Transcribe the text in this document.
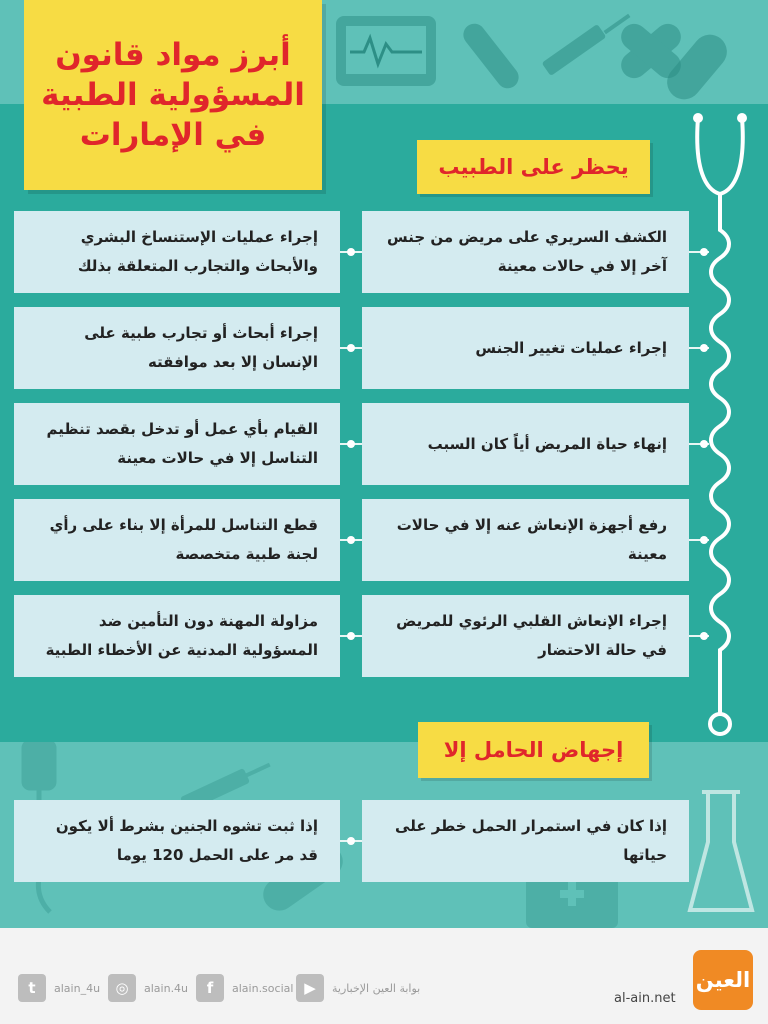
أبرز مواد قانون
المسؤولية الطبية
في الإمارات
يحظر على الطبيب
الكشف السريري على مريض من جنس آخر إلا في حالات معينة
إجراء عمليات الإستنساخ البشري والأبحاث والتجارب المتعلقة بذلك
إجراء عمليات تغيير الجنس
إجراء أبحاث أو تجارب طبية على الإنسان إلا بعد موافقته
إنهاء حياة المريض أياً كان السبب
القيام بأي عمل أو تدخل بقصد تنظيم التناسل إلا في حالات معينة
رفع أجهزة الإنعاش عنه إلا في حالات معينة
قطع التناسل للمرأة إلا بناء على رأي لجنة طبية متخصصة
إجراء الإنعاش القلبي الرئوي للمريض في حالة الاحتضار
مزاولة المهنة دون التأمين ضد المسؤولية المدنية عن الأخطاء الطبية
إجهاض الحامل إلا
إذا كان في استمرار الحمل خطر على حياتها
إذا ثبت تشوه الجنين بشرط ألا يكون قد مر على الحمل 120 يوما
t	alain_4u	◎	alain.4u	f	alain.social ▶	بوابة العين الإخبارية
al-ain.net
العين
